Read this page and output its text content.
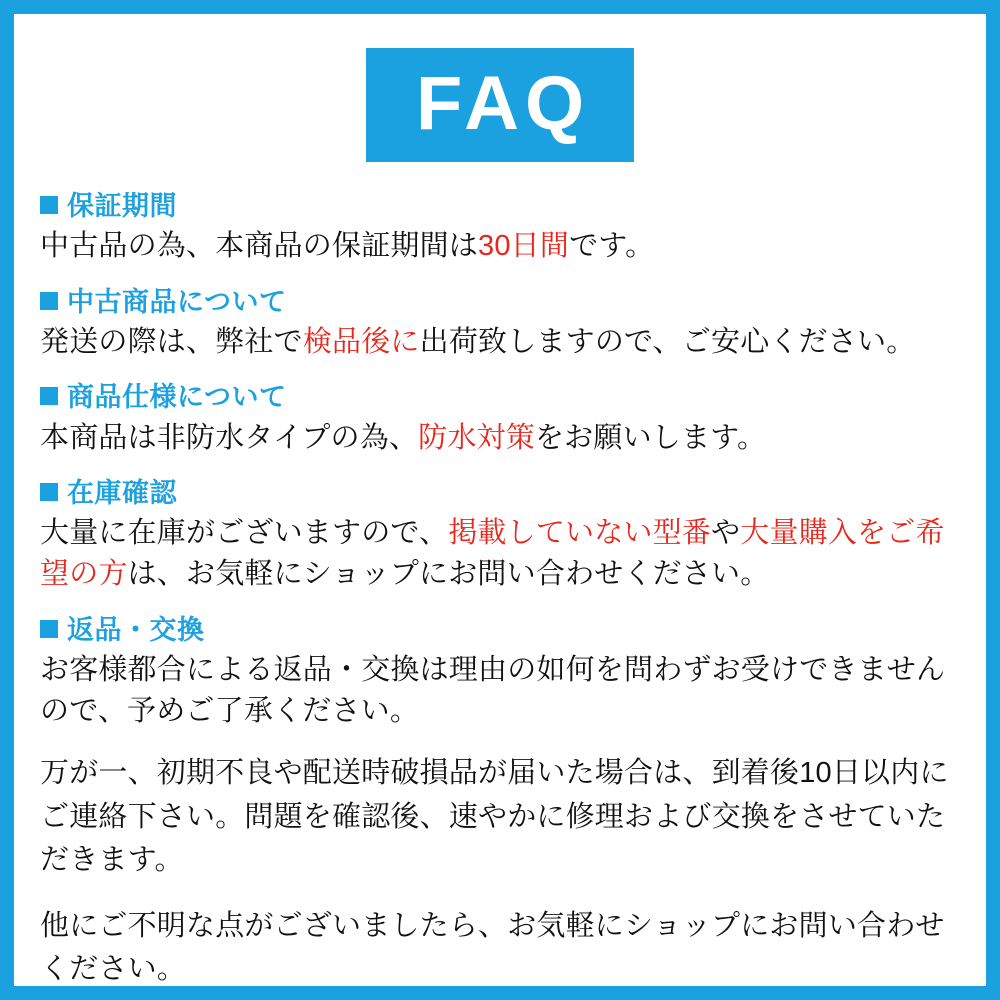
FAQ
保証期間
中古品の為、本商品の保証期間は30日間です。
中古商品について
発送の際は、弊社で検品後に出荷致しますので、ご安心ください。
商品仕様について
本商品は非防水タイプの為、防水対策をお願いします。
在庫確認
大量に在庫がございますので、掲載していない型番や大量購入をご希望の方は、お気軽にショップにお問い合わせください。
返品・交換
お客様都合による返品・交換は理由の如何を問わずお受けできませんので、予めご了承ください。
万が一、初期不良や配送時破損品が届いた場合は、到着後10日以内にご連絡下さい。問題を確認後、速やかに修理および交換をさせていただきます。
他にご不明な点がございましたら、お気軽にショップにお問い合わせください。
